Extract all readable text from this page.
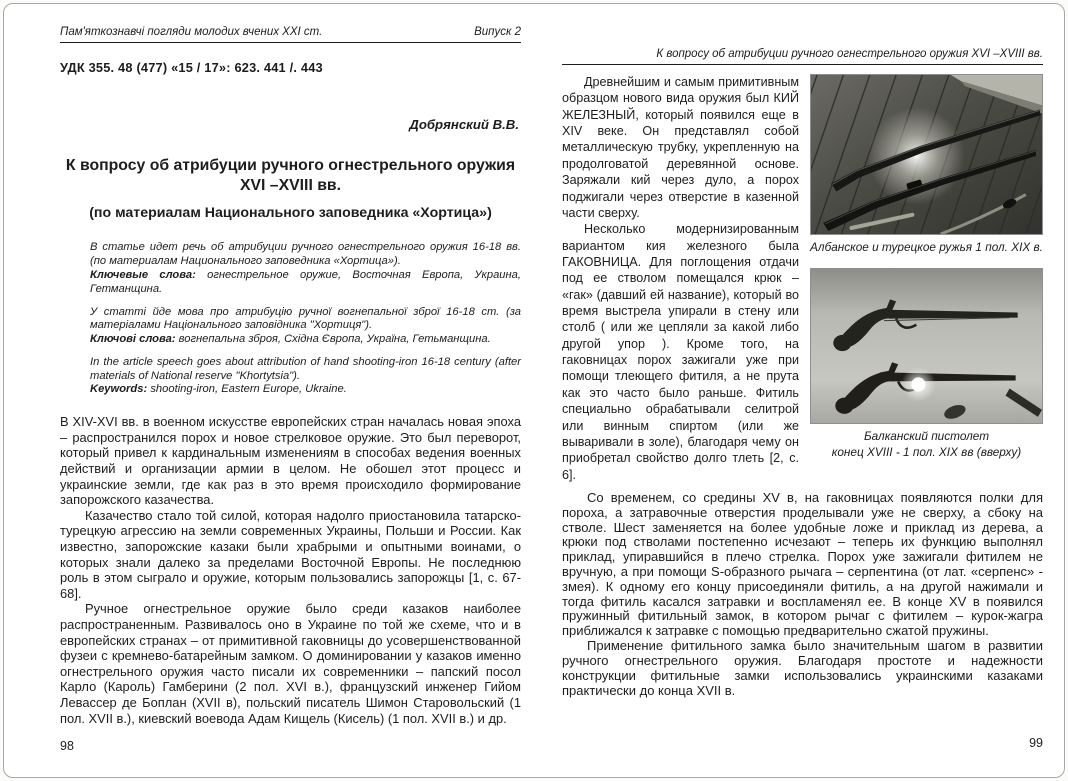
Пам'яткознавчі погляди молодих вчених XXI ст.	Випуск 2
УДК 355. 48 (477) «15 / 17»: 623. 441 /. 443
Добрянский В.В.
К вопросу об атрибуции ручного огнестрельного оружия XVI –XVIII вв.
(по материалам Национального заповедника «Хортица»)

В статье идет речь об атрибуции ручного огнестрельного оружия 16-18 вв. (по материалам Национального заповедника «Хортица»).

Ключевые слова: огнестрельное оружие, Восточная Европа, Украина, Гетманщина.

У статті йде мова про атрибуцію ручної вогнепальної зброї 16-18 ст. (за матеріалами Національного заповідника "Хортиця").

Ключові слова: вогнепальна зброя, Східна Європа, Україна, Гетьманщина.

In the article speech goes about attribution of hand shooting-iron 16-18 century (after materials of National reserve "Khortytsia").

Keywords: shooting-iron, Eastern Europe, Ukraine.

В XIV-XVI вв. в военном искусстве европейских стран началась новая эпоха – распространился порох и новое стрелковое оружие. Это был переворот, который привел к кардинальным изменениям в способах ведения военных действий и организации армии в целом. Не обошел этот процесс и украинские земли, где как раз в это время происходило формирование запорожского казачества.

Казачество стало той силой, которая надолго приостановила татарско-турецкую агрессию на земли современных Украины, Польши и России. Как известно, запорожские казаки были храбрыми и опытными воинами, о которых знали далеко за пределами Восточной Европы. Не последнюю роль в этом сыграло и оружие, которым пользовались запорожцы [1, с. 67-68].

Ручное огнестрельное оружие было среди казаков наиболее распространенным. Развивалось оно в Украине по той же схеме, что и в европейских странах – от примитивной гаковницы до усовершенствованной фузеи с кремнево-батарейным замком. О доминировании у казаков именно огнестрельного оружия часто писали их современники – папский посол Карло (Кароль) Гамберини (2 пол. XVI в.), французский инженер Гийом Левассер де Боплан (XVII в), польский писатель Шимон Старовольский (1 пол. XVII в.), киевский воевода Адам Кищель (Кисель) (1 пол. XVII в.) и др.

98
К вопросу об атрибуции ручного огнестрельного оружия XVI –XVIII вв.

Древнейшим и самым примитивным образцом нового вида оружия был КИЙ ЖЕЛЕЗНЫЙ, который появился еще в XIV веке. Он представлял собой металлическую трубку, укрепленную на продолговатой деревянной основе. Заряжали кий через дуло, а порох поджигали через отверстие в казенной части сверху.

Несколько модернизированным вариантом кия железного была ГАКОВНИЦА. Для поглощения отдачи под ее стволом помещался крюк – «гак» (давший ей название), который во время выстрела упирали в стену или столб ( или же цепляли за какой либо другой упор ). Кроме того, на гаковницах порох зажигали уже при помощи тлеющего фитиля, а не прута как это часто было раньше. Фитиль специально обрабатывали селитрой или винным спиртом (или же вываривали в золе), благодаря чему он приобретал свойство долго тлеть [2, с. 6].

Албанское и турецкое ружья 1 пол. XIX в.
Балканский пистолет
конец XVIII - 1 пол. XIX вв (вверху)

Со временем, со средины XV в, на гаковницах появляются полки для пороха, а затравочные отверстия проделывали уже не сверху, а сбоку на стволе. Шест заменяется на более удобные ложе и приклад из дерева, а крюки под стволами постепенно исчезают – теперь их функцию выполнял приклад, упиравшийся в плечо стрелка. Порох уже зажигали фитилем не вручную, а при помощи S-образного рычага – серпентина (от лат. «серпенс» - змея). К одному его концу присоединяли фитиль, а на другой нажимали и тогда фитиль касался затравки и воспламенял ее. В конце XV в появился пружинный фитильный замок, в котором рычаг с фитилем – курок-жагра приближался к затравке с помощью предварительно сжатой пружины.

Применение фитильного замка было значительным шагом в развитии ручного огнестрельного оружия. Благодаря простоте и надежности конструкции фитильные замки использовались украинскими казаками практически до конца XVII в.

99
